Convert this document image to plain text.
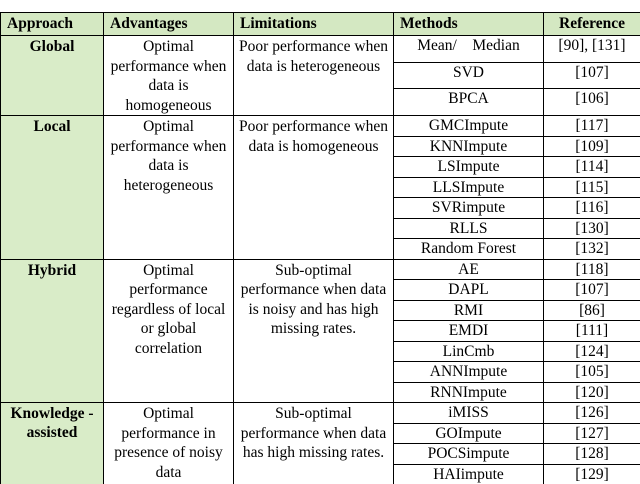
Approach	Advantages	Limitations	Methods	Reference
Global	Optimal performance when data is homogeneous	Poor performance when data is heterogeneous	Mean/    Median	[90], [131]
			SVD	[107]
			BPCA	[106]
Local	Optimal performance when data is heterogeneous	Poor performance when data is homogeneous	GMCImpute	[117]
			KNNImpute	[109]
			LSImpute	[114]
			LLSImpute	[115]
			SVRimpute	[116]
			RLLS	[130]
			Random Forest	[132]
Hybrid	Optimal performance regardless of local or global correlation	Sub-optimal performance when data is noisy and has high missing rates.	AE	[118]
			DAPL	[107]
			RMI	[86]
			EMDI	[111]
			LinCmb	[124]
			ANNImpute	[105]
			RNNImpute	[120]
Knowledge -assisted	Optimal performance in presence of noisy data	Sub-optimal performance when data has high missing rates.	iMISS	[126]
			GOImpute	[127]
			POCSimpute	[128]
			HAIimpute	[129]
